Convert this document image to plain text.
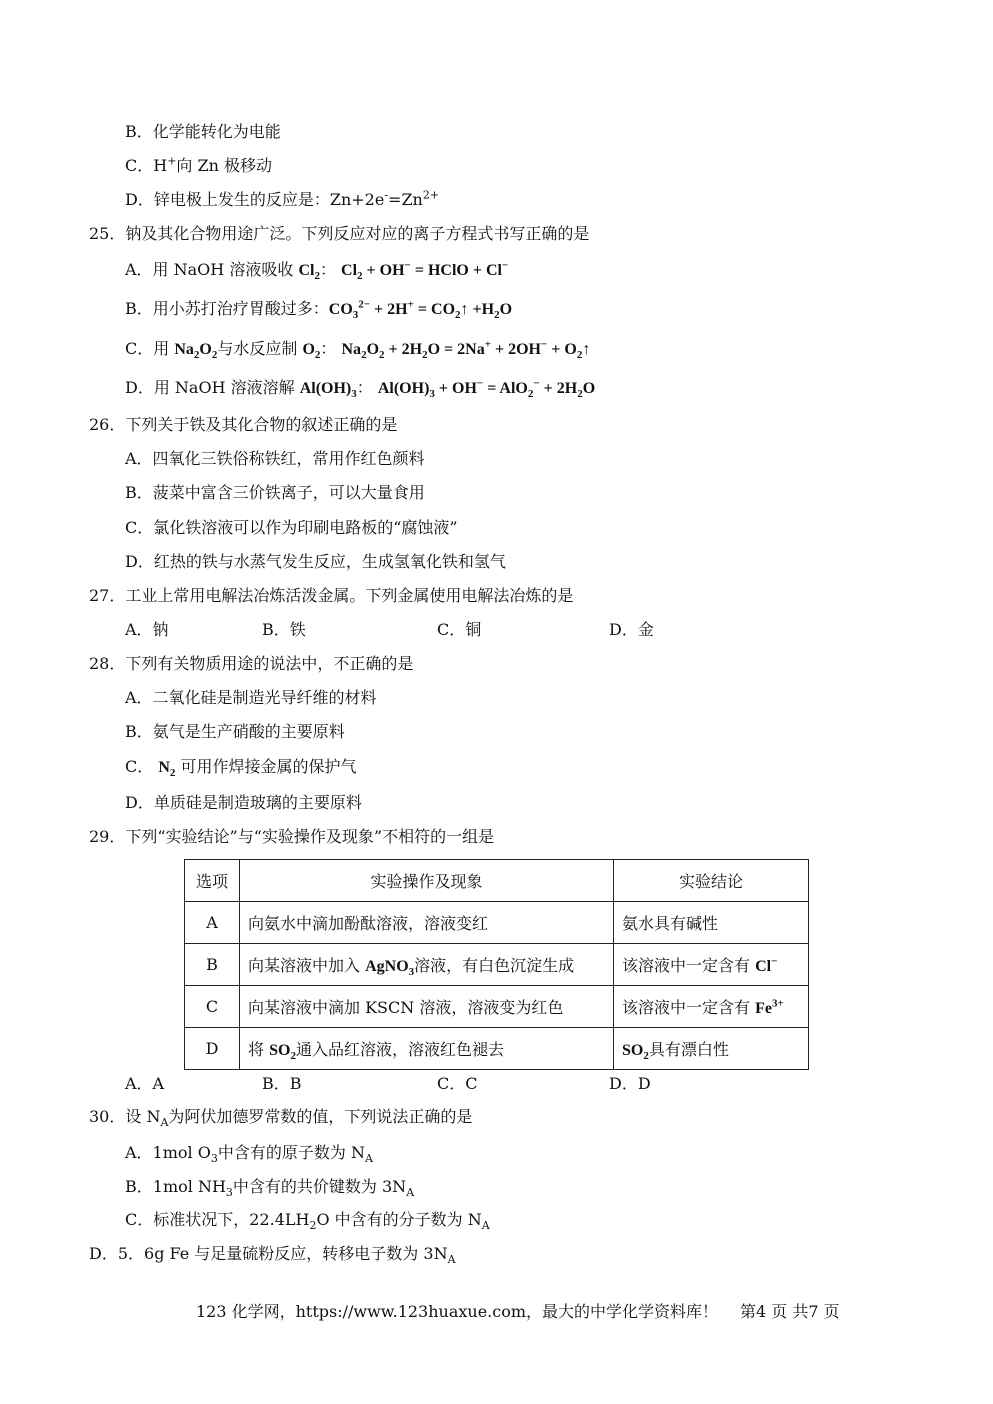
B．化学能转化为电能
C．H+向 Zn 极移动
D．锌电极上发生的反应是：$Zn+2e^-=Zn^{2+}$
25．钠及其化合物用途广泛。下列反应对应的离子方程式书写正确的是
A．用 NaOH 溶液吸收 $Cl_2$： $Cl_2 + OH^-$ = HClO + Cl−
B．用小苏打治疗胃酸过多：$CO_3^{2-} + 2H^+$ = $CO_2↑ +H_2O$
C．用 $Na_2O_2$与水反应制 $O_2$： $Na_2O_2 + 2H_2O = 2Na^+ + 2OH^-$ + $O_2↑$
D．用 NaOH 溶液溶解 $Al(OH)_3$： $Al(OH)_3 + OH^- = AlO_2^- + 2H_2O$
26．下列关于铁及其化合物的叙述正确的是
A．四氧化三铁俗称铁红，常用作红色颜料
B．菠菜中富含三价铁离子，可以大量食用
C．氯化铁溶液可以作为印刷电路板的“腐蚀液”
D．红热的铁与水蒸气发生反应，生成氢氧化铁和氢气
27．工业上常用电解法冶炼活泼金属。下列金属使用电解法冶炼的是
A．钠	B．铁	C．铜	D．金
28．下列有关物质用途的说法中，不正确的是
A．二氧化硅是制造光导纤维的材料
B．氨气是生产硝酸的主要原料
C． $N_2$ 可用作焊接金属的保护气
D．单质硅是制造玻璃的主要原料
29．下列“实验结论”与“实验操作及现象”不相符的一组是
选项	实验操作及现象	实验结论
A	向氨水中滴加酚酞溶液，溶液变红	氨水具有碱性
B	向某溶液中加入 AgNO$_3$溶液，有白色沉淀生成	该溶液中一定含有 Cl−
C	向某溶液中滴加 KSCN 溶液，溶液变为红色	该溶液中一定含有 $Fe^{3+}$
D	将 $SO_2$通入品红溶液，溶液红色褪去	$SO_2$具有漂白性
A．A	B．B	C．C	D．D
30．设 $N_A$为阿伏加德罗常数的值，下列说法正确的是
A．1mol $O_3$中含有的原子数为 $N_A$
B．1mol $NH_3$中含有的共价键数为 $3N_A$
C．标准状况下，$22.4LH_2O$ 中含有的分子数为 $N_A$
D．5．6g Fe 与足量硫粉反应，转移电子数为 $3N_A$
123 化学网，https://www.123huaxue.com，最大的中学化学资料库！ 第4 页 共7 页
